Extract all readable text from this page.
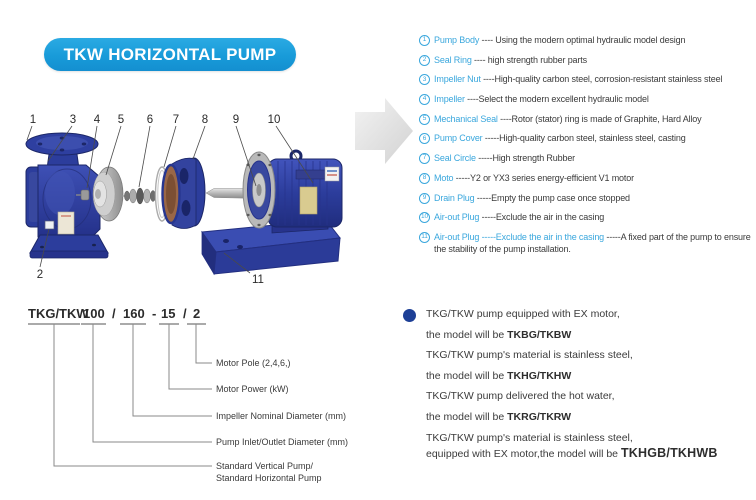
TKW HORIZONTAL PUMP
1	3 4 5 6 7 8 9 10
2	11
1 Pump Body ---- Using the modern optimal hydraulic model design
2 Seal Ring ---- high strength rubber parts
3 Impeller Nut ----High-quality carbon steel, corrosion-resistant stainless steel
4 Impeller ----Select the modern excellent hydraulic model
5 Mechanical Seal ----Rotor (stator) ring is made of Graphite, Hard Alloy
6 Pump Cover -----High-quality carbon steel, stainless steel, casting
7 Seal Circle -----High strength Rubber
8 Moto -----Y2 or YX3 series energy-efficient V1 motor
9 Drain Plug -----Empty the pump case once stopped
10 Air-out Plug -----Exclude the air in the casing
11 Air-out Plug -----Exclude the air in the casing -----A fixed part of the pump to ensure the stability of the pump installation.
TKG/TKW
100 / 160 - 15 / 2
Motor Pole (2,4,6,)
Motor Power (kW)
Impeller Nominal Diameter (mm)
Pump Inlet/Outlet Diameter (mm)
Standard Vertical Pump/
Standard Horizontal Pump
TKG/TKW pump equipped with EX motor,
the model will be TKBG/TKBW
TKG/TKW pump's material is stainless steel,
the model will be TKHG/TKHW
TKG/TKW pump delivered the hot water,
the model will be TKRG/TKRW
TKG/TKW pump's material is stainless steel,
equipped with EX motor,the model will be TKHGB/TKHWB
